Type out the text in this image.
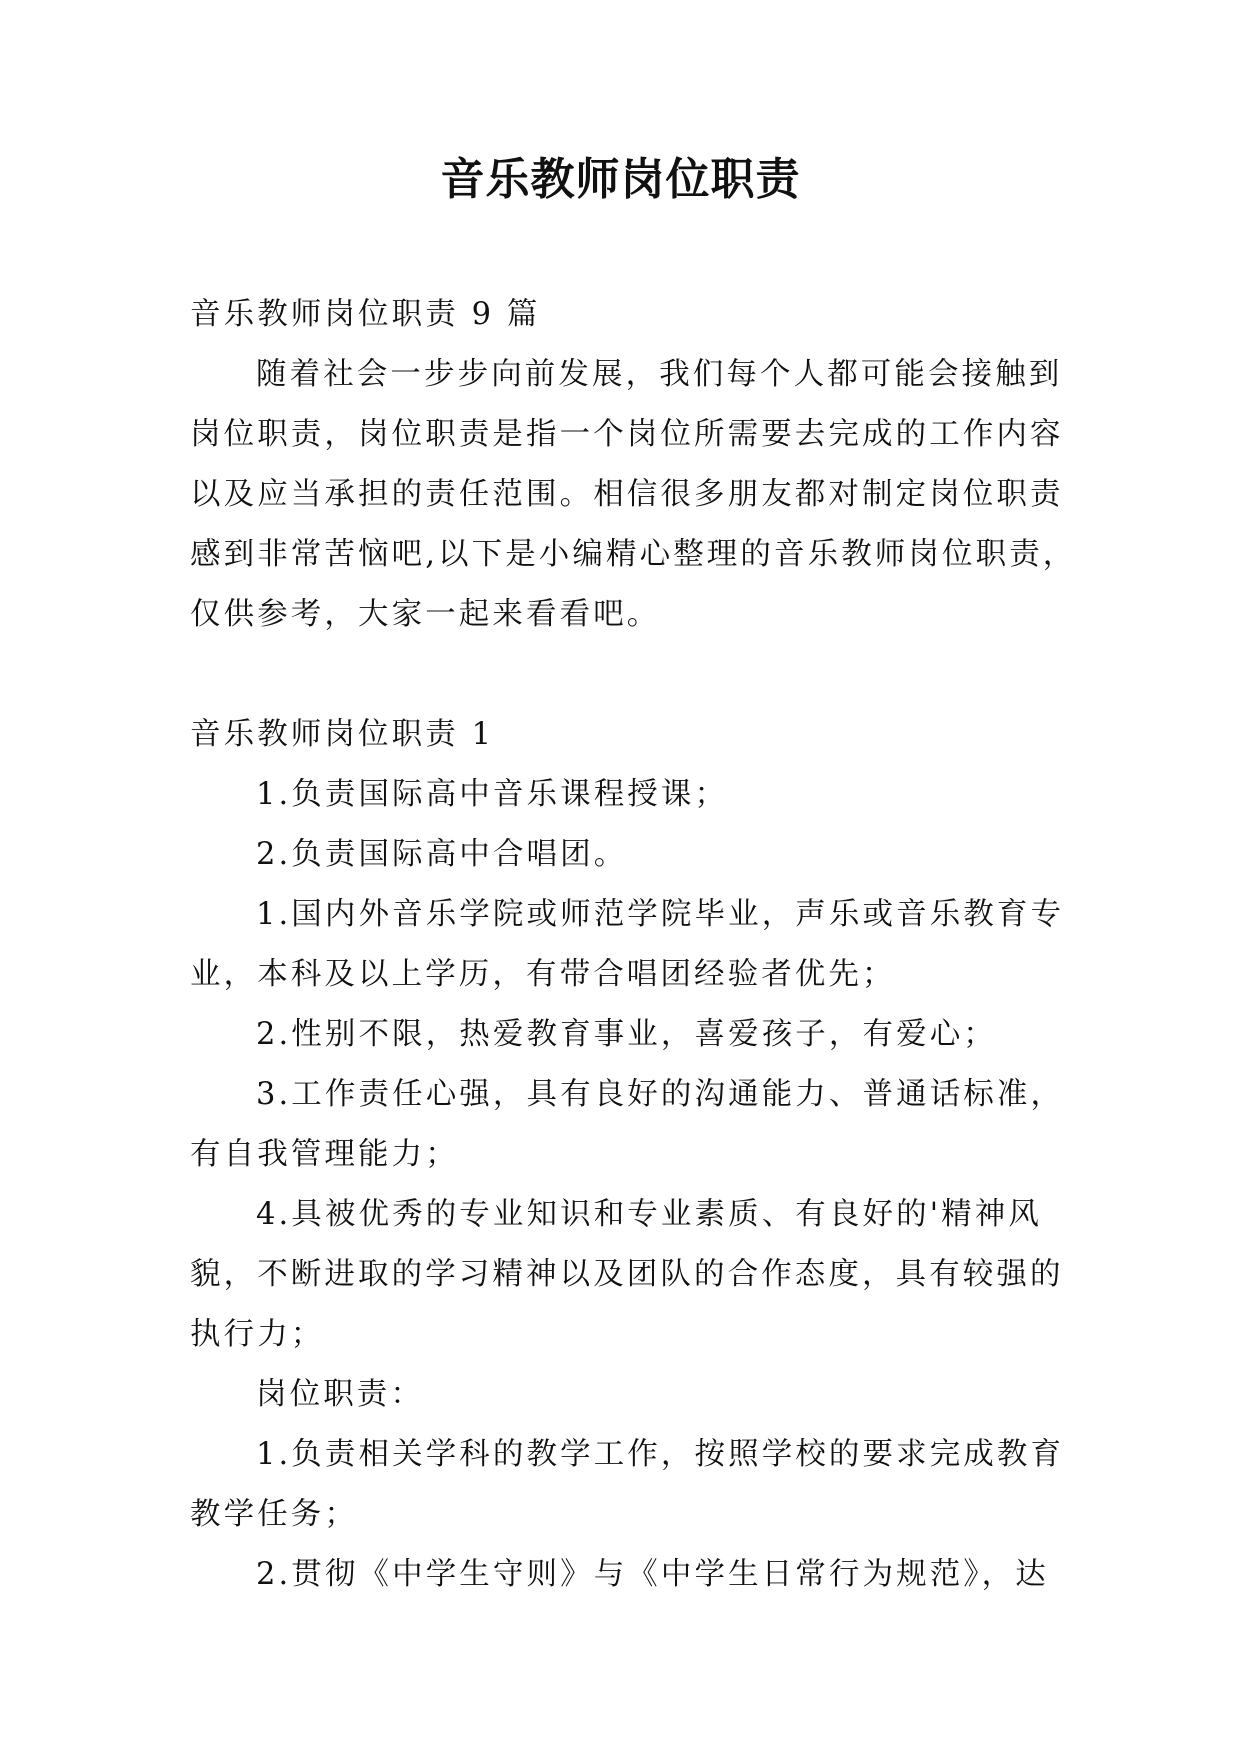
音乐教师岗位职责

音乐教师岗位职责 9 篇

随着社会一步步向前发展，我们每个人都可能会接触到

岗位职责，岗位职责是指一个岗位所需要去完成的工作内容

以及应当承担的责任范围。相信很多朋友都对制定岗位职责

感到非常苦恼吧,以下是小编精心整理的音乐教师岗位职责，

仅供参考，大家一起来看看吧。

音乐教师岗位职责 1

1.负责国际高中音乐课程授课；

2.负责国际高中合唱团。

1.国内外音乐学院或师范学院毕业，声乐或音乐教育专

业，本科及以上学历，有带合唱团经验者优先；

2.性别不限，热爱教育事业，喜爱孩子，有爱心；

3.工作责任心强，具有良好的沟通能力、普通话标准，

有自我管理能力；

4.具被优秀的专业知识和专业素质、有良好的'精神风

貌，不断进取的学习精神以及团队的合作态度，具有较强的

执行力；

岗位职责：

1.负责相关学科的教学工作，按照学校的要求完成教育

教学任务；

2.贯彻《中学生守则》与《中学生日常行为规范》，达
